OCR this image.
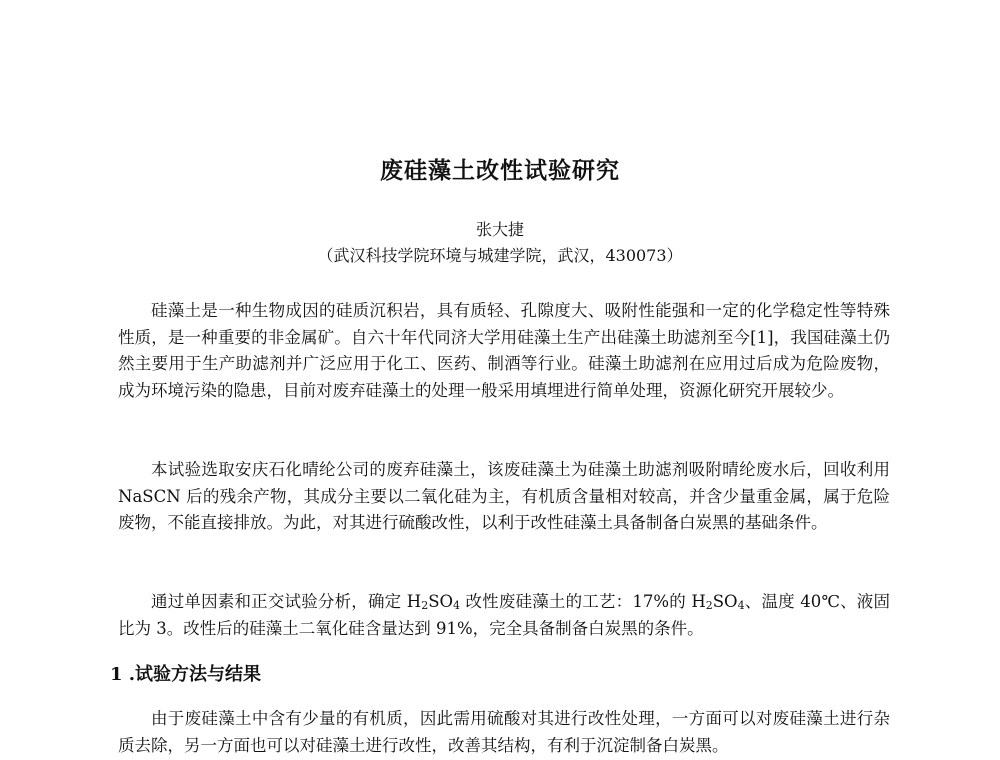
废硅藻土改性试验研究
张大捷
（武汉科技学院环境与城建学院，武汉，430073）

硅藻土是一种生物成因的硅质沉积岩，具有质轻、孔隙度大、吸附性能强和一定的化学稳定性等特殊性质，是一种重要的非金属矿。自六十年代同济大学用硅藻土生产出硅藻土助滤剂至今[1]，我国硅藻土仍然主要用于生产助滤剂并广泛应用于化工、医药、制酒等行业。硅藻土助滤剂在应用过后成为危险废物，成为环境污染的隐患，目前对废弃硅藻土的处理一般采用填埋进行简单处理，资源化研究开展较少。

本试验选取安庆石化晴纶公司的废弃硅藻土，该废硅藻土为硅藻土助滤剂吸附晴纶废水后，回收利用 NaSCN 后的残余产物，其成分主要以二氧化硅为主，有机质含量相对较高，并含少量重金属，属于危险废物，不能直接排放。为此，对其进行硫酸改性，以利于改性硅藻土具备制备白炭黑的基础条件。

通过单因素和正交试验分析，确定 $H_2SO_4$ 改性废硅藻土的工艺：17%的 $H_2SO_4$、温度 40℃、液固比为 3。改性后的硅藻土二氧化硅含量达到 91%，完全具备制备白炭黑的条件。

1 .试验方法与结果

由于废硅藻土中含有少量的有机质，因此需用硫酸对其进行改性处理，一方面可以对废硅藻土进行杂质去除，另一方面也可以对硅藻土进行改性，改善其结构，有利于沉淀制备白炭黑。
